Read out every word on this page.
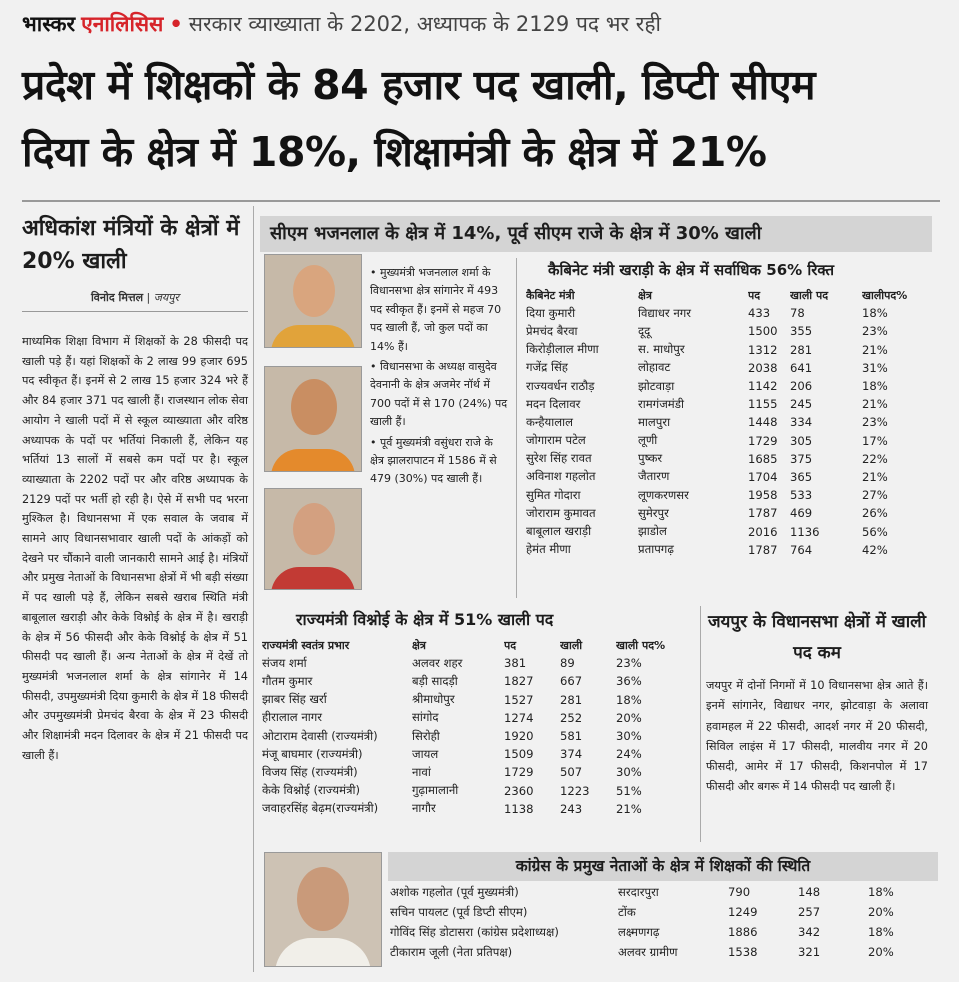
भास्कर एनालिसिस • सरकार व्याख्याता के 2202, अध्यापक के 2129 पद भर रही
प्रदेश में शिक्षकों के 84 हजार पद खाली, डिप्टी सीएम
दिया के क्षेत्र में 18%, शिक्षामंत्री के क्षेत्र में 21%
अधिकांश मंत्रियों के क्षेत्रों में 20% खाली
विनोद मित्तल | जयपुर
माध्यमिक शिक्षा विभाग में शिक्षकों के 28 फीसदी पद खाली पड़े हैं। यहां शिक्षकों के 2 लाख 99 हजार 695 पद स्वीकृत हैं। इनमें से 2 लाख 15 हजार 324 भरे हैं और 84 हजार 371 पद खाली हैं। राजस्थान लोक सेवा आयोग ने खाली पदों में से स्कूल व्याख्याता और वरिष्ठ अध्यापक के पदों पर भर्तियां निकाली हैं, लेकिन यह भर्तियां 13 सालों में सबसे कम पदों पर है। स्कूल व्याख्याता के 2202 पदों पर और वरिष्ठ अध्यापक के 2129 पदों पर भर्ती हो रही है। ऐसे में सभी पद भरना मुश्किल है। विधानसभा में एक सवाल के जवाब में सामने आए विधानसभावार खाली पदों के आंकड़ों को देखने पर चौंकाने वाली जानकारी सामने आई है। मंत्रियों और प्रमुख नेताओं के विधानसभा क्षेत्रों में भी बड़ी संख्या में पद खाली पड़े हैं, लेकिन सबसे खराब स्थिति मंत्री बाबूलाल खराड़ी और केके विश्नोई के क्षेत्र में है। खराड़ी के क्षेत्र में 56 फीसदी और केके विश्नोई के क्षेत्र में 51 फीसदी पद खाली हैं। अन्य नेताओं के क्षेत्र में देखें तो मुख्यमंत्री भजनलाल शर्मा के क्षेत्र सांगानेर में 14 फीसदी, उपमुख्यमंत्री दिया कुमारी के क्षेत्र में 18 फीसदी और उपमुख्यमंत्री प्रेमचंद बैरवा के क्षेत्र में 23 फीसदी और शिक्षामंत्री मदन दिलावर के क्षेत्र में 21 फीसदी पद खाली हैं।
सीएम भजनलाल के क्षेत्र में 14%, पूर्व सीएम राजे के क्षेत्र में 30% खाली

• मुख्यमंत्री भजनलाल शर्मा के विधानसभा क्षेत्र सांगानेर में 493 पद स्वीकृत हैं। इनमें से महज 70 पद खाली हैं, जो कुल पदों का 14% हैं।

• विधानसभा के अध्यक्ष वासुदेव देवनानी के क्षेत्र अजमेर नॉर्थ में 700 पदों में से 170 (24%) पद खाली हैं।

• पूर्व मुख्यमंत्री वसुंधरा राजे के क्षेत्र झालरापाटन में 1586 में से 479 (30%) पद खाली हैं।

कैबिनेट मंत्री खराड़ी के क्षेत्र में सर्वाधिक 56% रिक्त
कैबिनेट मंत्री	क्षेत्र	पद	खाली पद	खालीपद%
दिया कुमारी	विद्याधर नगर	433	78	18%
प्रेमचंद बैरवा	दूदू	1500	355	23%
किरोड़ीलाल मीणा	स. माधोपुर	1312	281	21%
गजेंद्र सिंह	लोहावट	2038	641	31%
राज्यवर्धन राठौड़	झोटवाड़ा	1142	206	18%
मदन दिलावर	रामगंजमंडी	1155	245	21%
कन्हैयालाल	मालपुरा	1448	334	23%
जोगाराम पटेल	लूणी	1729	305	17%
सुरेश सिंह रावत	पुष्कर	1685	375	22%
अविनाश गहलोत	जैतारण	1704	365	21%
सुमित गोदारा	लूणकरणसर	1958	533	27%
जोराराम कुमावत	सुमेरपुर	1787	469	26%
बाबूलाल खराड़ी	झाडोल	2016	1136	56%
हेमंत मीणा	प्रतापगढ़	1787	764	42%
राज्यमंत्री विश्नोई के क्षेत्र में 51% खाली पद
राज्यमंत्री स्वतंत्र प्रभार	क्षेत्र	पद	खाली	खाली पद%
संजय शर्मा	अलवर शहर	381	89	23%
गौतम कुमार	बड़ी सादड़ी	1827	667	36%
झाबर सिंह खर्रा	श्रीमाधोपुर	1527	281	18%
हीरालाल नागर	सांगोद	1274	252	20%
ओटाराम देवासी (राज्यमंत्री)	सिरोही	1920	581	30%
मंजू बाघमार (राज्यमंत्री)	जायल	1509	374	24%
विजय सिंह (राज्यमंत्री)	नावां	1729	507	30%
केके विश्नोई (राज्यमंत्री)	गुढ़ामालानी	2360	1223	51%
जवाहरसिंह बेढ़म(राज्यमंत्री)	नागौर	1138	243	21%
जयपुर के विधानसभा क्षेत्रों में खाली पद कम
जयपुर में दोनों निगमों में 10 विधानसभा क्षेत्र आते हैं। इनमें सांगानेर, विद्याधर नगर, झोटवाड़ा के अलावा हवामहल में 22 फीसदी, आदर्श नगर में 20 फीसदी, सिविल लाइंस में 17 फीसदी, मालवीय नगर में 20 फीसदी, आमेर में 17 फीसदी, किशनपोल में 17 फीसदी और बगरू में 14 फीसदी पद खाली हैं।
कांग्रेस के प्रमुख नेताओं के क्षेत्र में शिक्षकों की स्थिति
अशोक गहलोत (पूर्व मुख्यमंत्री)	सरदारपुरा	790	148	18%
सचिन पायलट (पूर्व डिप्टी सीएम)	टोंक	1249	257	20%
गोविंद सिंह डोटासरा (कांग्रेस प्रदेशाध्यक्ष)	लक्ष्मणगढ़	1886	342	18%
टीकाराम जूली (नेता प्रतिपक्ष)	अलवर ग्रामीण	1538	321	20%
